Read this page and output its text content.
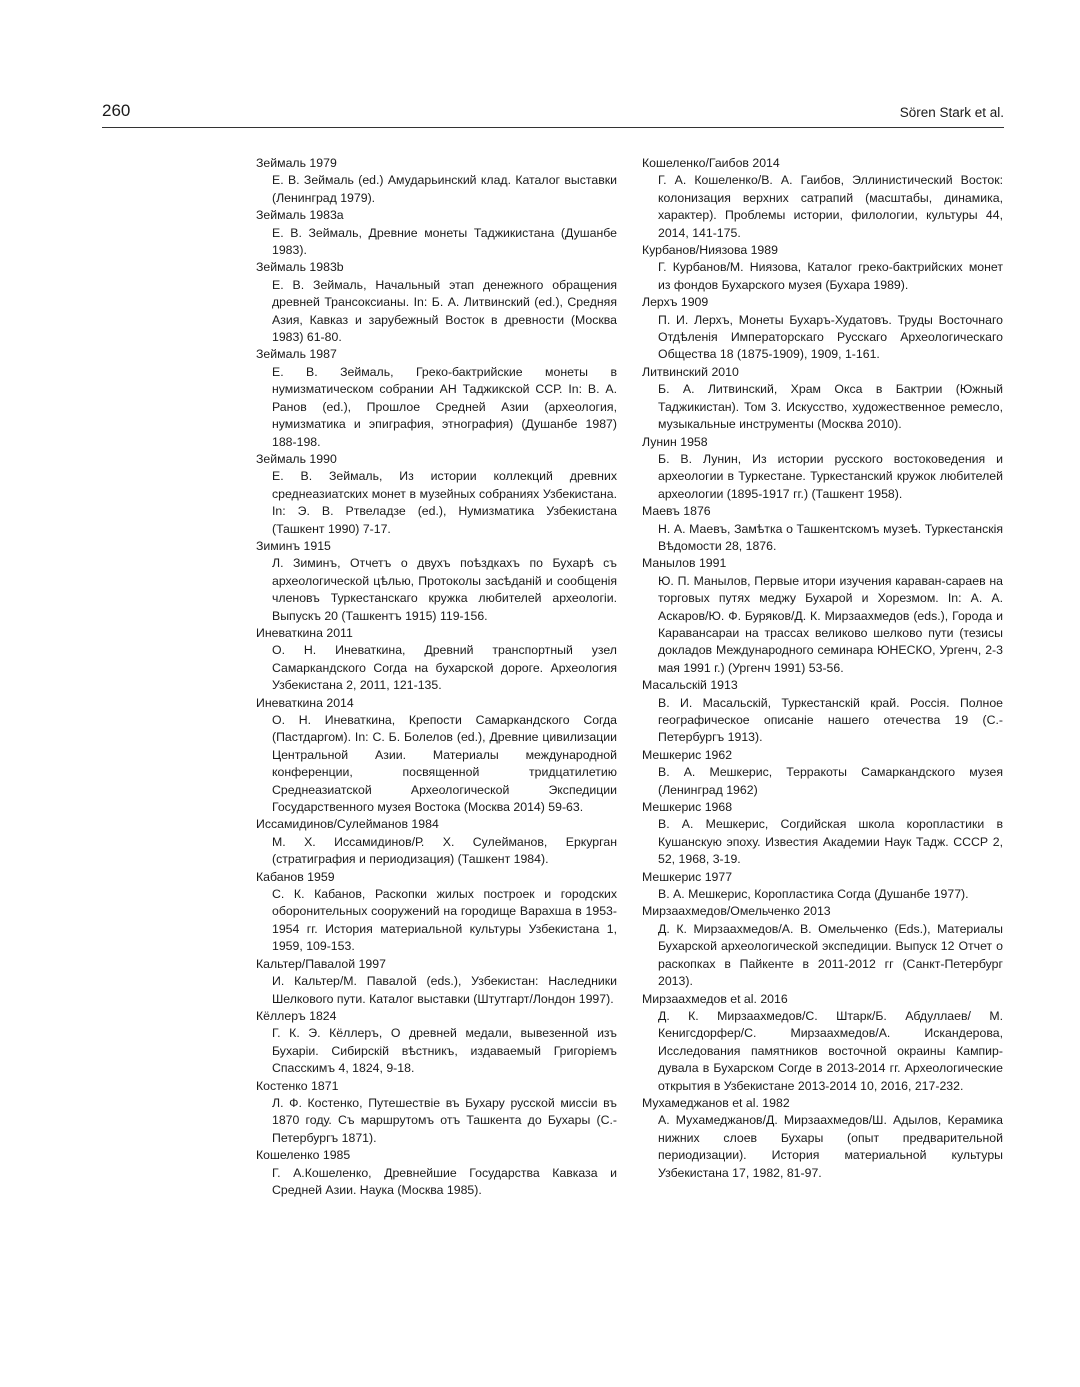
260	Sören Stark et al.
Зеймаль 1979
Е. В. Зеймаль (ed.) Амударьинский клад. Каталог выставки (Ленинград 1979).
Зеймаль 1983a
Е. В. Зеймаль, Древние монеты Таджикистана (Душанбе 1983).
Зеймаль 1983b
Е. В. Зеймаль, Начальный этап денежного обращения древней Трансоксианы. In: Б. А. Литвинский (ed.), Средняя Азия, Кавказ и зарубежный Восток в древности (Москва 1983) 61-80.
Зеймаль 1987
Е. В. Зеймаль, Греко-бактрийские монеты в нумизматическом собрании АН Таджикской ССР. In: В. А. Ранов (ed.), Прошлое Средней Азии (археология, нумизматика и эпиграфия, этнография) (Душанбе 1987) 188-198.
Зеймаль 1990
Е. В. Зеймаль, Из истории коллекций древних среднеазиатских монет в музейных собраниях Узбекистана. In: Э. В. Ртвеладзе (ed.), Нумизматика Узбекистана (Ташкент 1990) 7-17.
Зиминъ 1915
Л. Зиминъ, Отчетъ о двухъ поѣздкахъ по Бухарѣ съ археологической цѣлью, Протоколы засѣданій и сообщенія членовъ Туркестанскаго кружка любителей археологіи. Выпускъ 20 (Ташкентъ 1915) 119-156.
Иневаткина 2011
О. Н. Иневаткина, Древний транспортный узел Самаркандского Согда на бухарской дороге. Археология Узбекистана 2, 2011, 121-135.
Иневаткина 2014
О. Н. Иневаткина, Крепости Самаркандского Согда (Пастдаргом). In: С. Б. Болелов (ed.), Древние цивилизации Центральной Азии. Материалы международной конференции, посвященной тридцатилетию Среднеазиатской Археологической Экспедиции Государственного музея Востока (Москва 2014) 59-63.
Иссамидинов/Сулейманов 1984
М. Х. Иссамидинов/Р. Х. Сулейманов, Еркурган (стратиграфия и периодизация) (Ташкент 1984).
Кабанов 1959
С. К. Кабанов, Раскопки жилых построек и городских оборонительных сооружений на городище Варахша в 1953-1954 гг. История материальной культуры Узбекистана 1, 1959, 109-153.
Кальтер/Павалой 1997
И. Кальтер/М. Павалой (eds.), Узбекистан: Наследники Шелкового пути. Каталог выставки (Штутгарт/Лондон 1997).
Кёллеръ 1824
Г. К. Э. Кёллеръ, О древней медали, вывезенной изъ Бухаріи. Сибирскій вѣстникъ, издаваемый Григоріемъ Спасскимъ 4, 1824, 9-18.
Костенко 1871
Л. Ф. Костенко, Путешествіе въ Бухару русской миссіи въ 1870 году. Съ маршрутомъ отъ Ташкента до Бухары (С.-Петербургъ 1871).
Кошеленко 1985
Г. А.Кошеленко, Древнейшие Государства Кавказа и Средней Азии. Наука (Москва 1985).
Кошеленко/Гаибов 2014
Г. А. Кошеленко/В. А. Гаибов, Эллинистический Восток: колонизация верхних сатрапий (масштабы, динамика, характер). Проблемы истории, филологии, культуры 44, 2014, 141-175.
Курбанов/Ниязова 1989
Г. Курбанов/М. Ниязова, Каталог греко-бактрийских монет из фондов Бухарского музея (Бухара 1989).
Лерхъ 1909
П. И. Лерхъ, Монеты Бухаръ-Худатовъ. Труды Восточнаго Отдѣленія Императорскаго Русскаго Археологическаго Общества 18 (1875-1909), 1909, 1-161.
Литвинский 2010
Б. А. Литвинский, Храм Окса в Бактрии (Южный Таджикистан). Том 3. Искусство, художественное ремесло, музыкальные инструменты (Москва 2010).
Лунин 1958
Б. В. Лунин, Из истории русского востоковедения и археологии в Туркестане. Туркестанский кружок любителей археологии (1895-1917 гг.) (Ташкент 1958).
Маевъ 1876
Н. А. Маевъ, Замѣтка о Ташкентскомъ музеѣ. Туркестанскія Вѣдомости 28, 1876.
Манылов 1991
Ю. П. Манылов, Первые итори изучения караван-сараев на торговых путях меджу Бухарой и Хорезмом. In: А. А. Аскаров/Ю. Ф. Буряков/Д. К. Мирзаахмедов (eds.), Города и Каравансараи на трассах великово шелково пути (тезисы докладов Международного семинара ЮНЕСКО, Ургенч, 2-3 мая 1991 г.) (Ургенч 1991) 53-56.
Масальскій 1913
В. И. Масальскій, Туркестанскій край. Россія. Полное географическое описаніе нашего отечества 19 (С.-Петербургъ 1913).
Мешкерис 1962
В. А. Мешкерис, Терракоты Самаркандского музея (Ленинград 1962)
Мешкерис 1968
В. А. Мешкерис, Согдийская школа коропластики в Кушанскую эпоху. Известия Академии Наук Тадж. СССР 2, 52, 1968, 3-19.
Мешкерис 1977
В. А. Мешкерис, Коропластика Согда (Душанбе 1977).
Мирзаахмедов/Омельченко 2013
Д. К. Мирзаахмедов/А. В. Омельченко (Eds.), Материалы Бухарской археологической экспедиции. Выпуск 12 Отчет о раскопках в Пайкенте в 2011-2012 гг (Санкт-Петербург 2013).
Мирзаахмедов et al. 2016
Д. К. Мирзаахмедов/С. Штарк/Б. Абдуллаев/ М. Кенигсдорфер/С. Мирзаахмедов/А. Искандерова, Исследования памятников восточной окраины Кампир-дувала в Бухарском Согде в 2013-2014 гг. Археологические открытия в Узбекистане 2013-2014 10, 2016, 217-232.
Мухамеджанов et al. 1982
А. Мухамеджанов/Д. Мирзаахмедов/Ш. Адылов, Керамика нижних слоев Бухары (опыт предварительной периодизации). История материальной культуры Узбекистана 17, 1982, 81-97.
